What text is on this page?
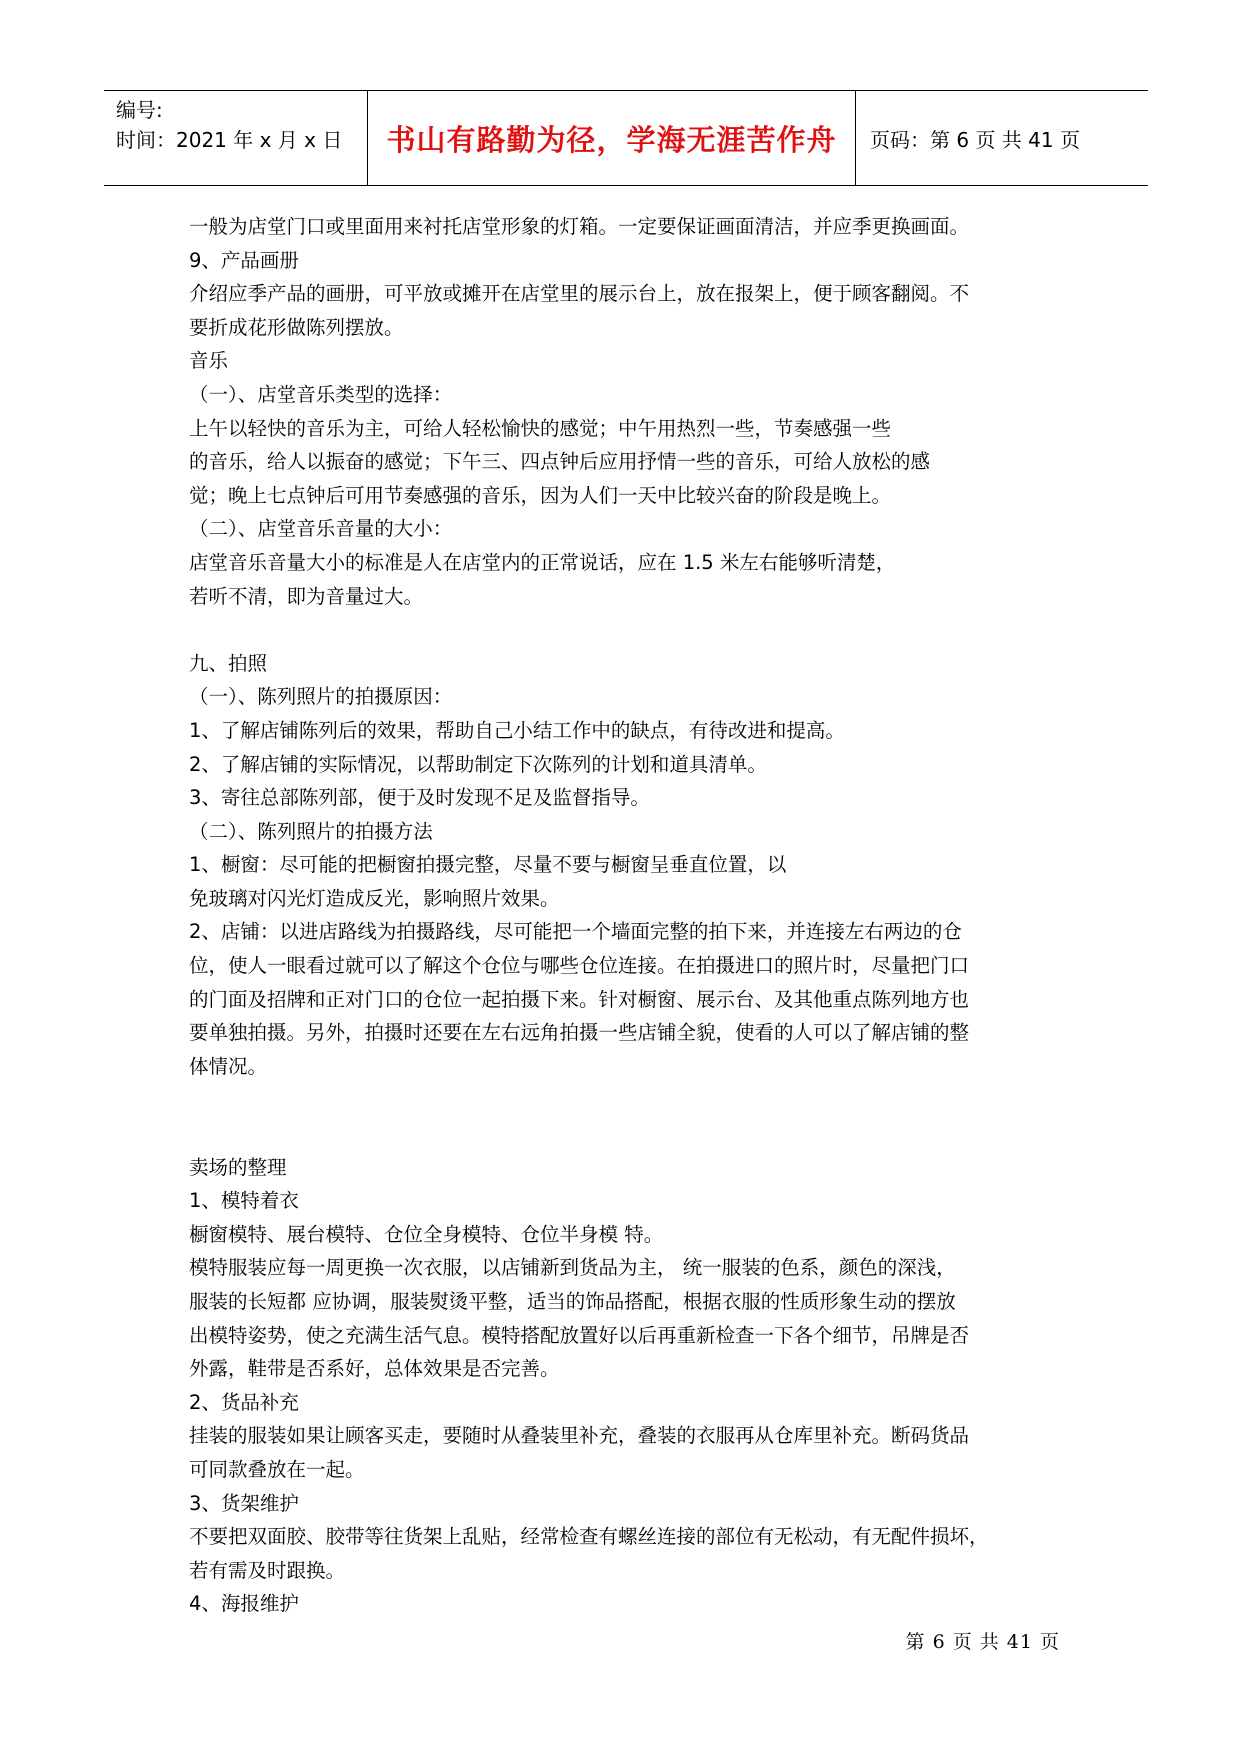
编号:
时间：2021 年 x 月 x 日	书山有路勤为径，学海无涯苦作舟 页码：第 6 页 共 41 页
一般为店堂门口或里面用来衬托店堂形象的灯箱。一定要保证画面清洁，并应季更换画面。
9、产品画册
介绍应季产品的画册，可平放或摊开在店堂里的展示台上，放在报架上，便于顾客翻阅。不
要折成花形做陈列摆放。
音乐
（一）、店堂音乐类型的选择：
上午以轻快的音乐为主，可给人轻松愉快的感觉；中午用热烈一些，节奏感强一些
的音乐，给人以振奋的感觉；下午三、四点钟后应用抒情一些的音乐，可给人放松的感
觉；晚上七点钟后可用节奏感强的音乐，因为人们一天中比较兴奋的阶段是晚上。
（二）、店堂音乐音量的大小：
店堂音乐音量大小的标准是人在店堂内的正常说话，应在 1.5 米左右能够听清楚，
若听不清，即为音量过大。
九、拍照
（一）、陈列照片的拍摄原因：
1、了解店铺陈列后的效果，帮助自己小结工作中的缺点，有待改进和提高。
2、了解店铺的实际情况，以帮助制定下次陈列的计划和道具清单。
3、寄往总部陈列部，便于及时发现不足及监督指导。
（二）、陈列照片的拍摄方法
1、橱窗：尽可能的把橱窗拍摄完整，尽量不要与橱窗呈垂直位置，以
免玻璃对闪光灯造成反光，影响照片效果。
2、店铺：以进店路线为拍摄路线，尽可能把一个墙面完整的拍下来，并连接左右两边的仓
位，使人一眼看过就可以了解这个仓位与哪些仓位连接。在拍摄进口的照片时，尽量把门口
的门面及招牌和正对门口的仓位一起拍摄下来。针对橱窗、展示台、及其他重点陈列地方也
要单独拍摄。另外，拍摄时还要在左右远角拍摄一些店铺全貌，使看的人可以了解店铺的整
体情况。
卖场的整理
1、模特着衣
橱窗模特、展台模特、仓位全身模特、仓位半身模 特。
模特服装应每一周更换一次衣服，以店铺新到货品为主， 统一服装的色系，颜色的深浅，
服装的长短都 应协调，服装熨烫平整，适当的饰品搭配，根据衣服的性质形象生动的摆放
出模特姿势，使之充满生活气息。模特搭配放置好以后再重新检查一下各个细节，吊牌是否
外露，鞋带是否系好，总体效果是否完善。
2、货品补充
挂装的服装如果让顾客买走，要随时从叠装里补充，叠装的衣服再从仓库里补充。断码货品
可同款叠放在一起。
3、货架维护
不要把双面胶、胶带等往货架上乱贴，经常检查有螺丝连接的部位有无松动，有无配件损坏，
若有需及时跟换。
4、海报维护
第 6 页 共 41 页
